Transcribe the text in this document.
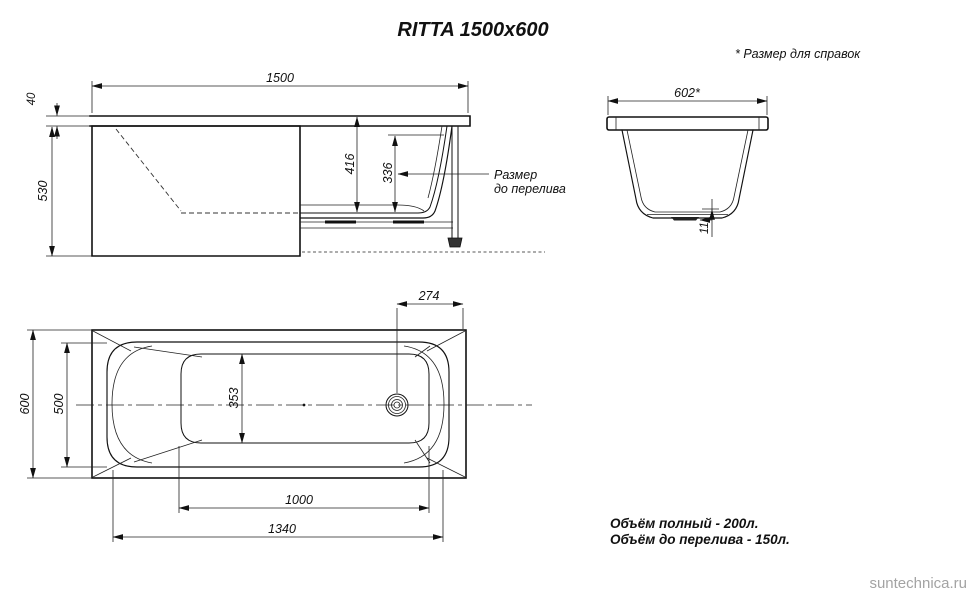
1500
40
530
416 336	Размер
до перелива
602*
11
274
600 500	353
1000
1340
RITTA 1500x600
* Размер для справок
Объём полный - 200л.
Объём до перелива - 150л.
suntechnica.ru
